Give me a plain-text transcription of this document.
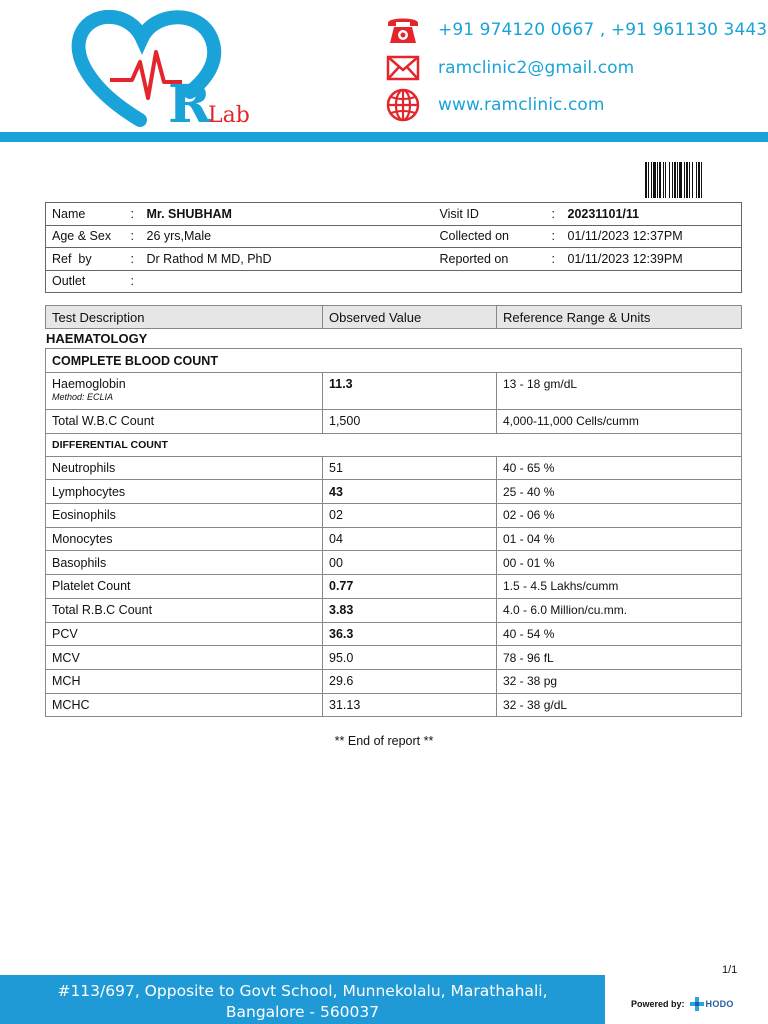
R
Lab
+91 974120 0667 , +91 961130 3443
ramclinic2@gmail.com
www.ramclinic.com
Name	:	Mr. SHUBHAM	Visit ID	:	20231101/11
Age & Sex	:	26 yrs,Male	Collected on	:	01/11/2023 12:37PM
Ref  by	:	Dr Rathod M MD, PhD	Reported on	:	01/11/2023 12:39PM
Outlet	:				
Test Description	Observed Value	Reference Range & Units
HAEMATOLOGY
COMPLETE BLOOD COUNT		
Haemoglobin
Method: ECLIA	11.3	13 - 18 gm/dL
Total W.B.C Count	1,500	4,000-11,000 Cells/cumm
DIFFERENTIAL COUNT		
Neutrophils	51	40 - 65 %
Lymphocytes	43	25 - 40 %
Eosinophils	02	02 - 06 %
Monocytes	04	01 - 04 %
Basophils	00	00 - 01 %
Platelet Count	0.77	1.5 - 4.5 Lakhs/cumm
Total R.B.C Count	3.83	4.0 - 6.0 Million/cu.mm.
PCV	36.3	40 - 54 %
MCV	95.0	78 - 96 fL
MCH	29.6	32 - 38 pg
MCHC	31.13	32 - 38 g/dL
** End of report **
1/1
#113/697, Opposite to Govt School, Munnekolalu, Marathahali,
Bangalore - 560037	Powered by: HODO
